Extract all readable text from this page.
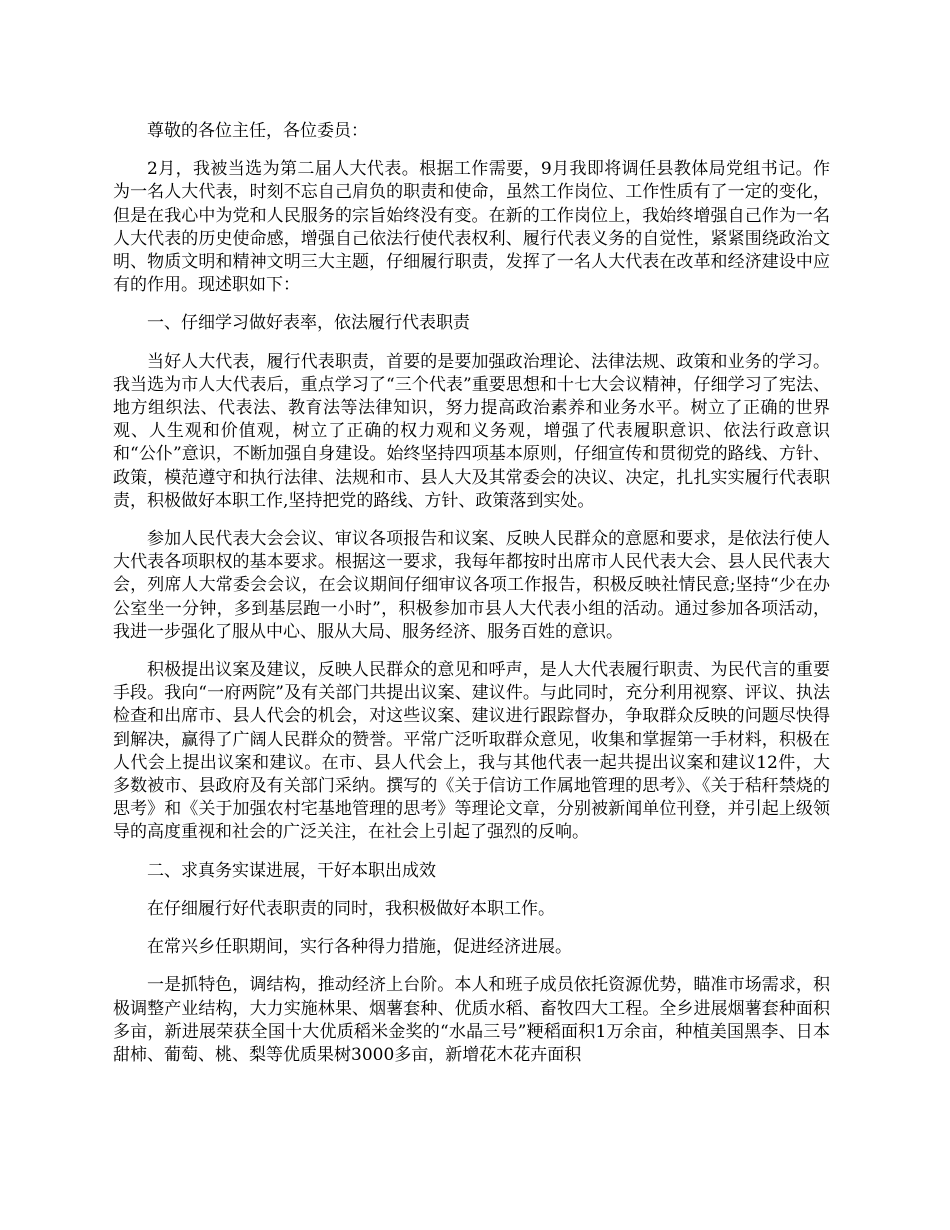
尊敬的各位主任，各位委员：

2月，我被当选为第二届人大代表。根据工作需要，9月我即将调任县教体局党组书记。作为一名人大代表，时刻不忘自己肩负的职责和使命，虽然工作岗位、工作性质有了一定的变化，但是在我心中为党和人民服务的宗旨始终没有变。在新的工作岗位上，我始终增强自己作为一名人大代表的历史使命感，增强自己依法行使代表权利、履行代表义务的自觉性，紧紧围绕政治文明、物质文明和精神文明三大主题，仔细履行职责，发挥了一名人大代表在改革和经济建设中应有的作用。现述职如下：

一、仔细学习做好表率，依法履行代表职责

当好人大代表，履行代表职责，首要的是要加强政治理论、法律法规、政策和业务的学习。我当选为市人大代表后，重点学习了“三个代表”重要思想和十七大会议精神，仔细学习了宪法、地方组织法、代表法、教育法等法律知识，努力提高政治素养和业务水平。树立了正确的世界观、人生观和价值观，树立了正确的权力观和义务观，增强了代表履职意识、依法行政意识和“公仆”意识，不断加强自身建设。始终坚持四项基本原则，仔细宣传和贯彻党的路线、方针、政策，模范遵守和执行法律、法规和市、县人大及其常委会的决议、决定，扎扎实实履行代表职责，积极做好本职工作,坚持把党的路线、方针、政策落到实处。

参加人民代表大会会议、审议各项报告和议案、反映人民群众的意愿和要求，是依法行使人大代表各项职权的基本要求。根据这一要求，我每年都按时出席市人民代表大会、县人民代表大会，列席人大常委会会议，在会议期间仔细审议各项工作报告，积极反映社情民意;坚持“少在办公室坐一分钟，多到基层跑一小时”，积极参加市县人大代表小组的活动。通过参加各项活动，我进一步强化了服从中心、服从大局、服务经济、服务百姓的意识。

积极提出议案及建议，反映人民群众的意见和呼声，是人大代表履行职责、为民代言的重要手段。我向“一府两院”及有关部门共提出议案、建议件。与此同时，充分利用视察、评议、执法检查和出席市、县人代会的机会，对这些议案、建议进行跟踪督办，争取群众反映的问题尽快得到解决，赢得了广阔人民群众的赞誉。平常广泛听取群众意见，收集和掌握第一手材料，积极在人代会上提出议案和建议。在市、县人代会上，我与其他代表一起共提出议案和建议12件，大多数被市、县政府及有关部门采纳。撰写的《关于信访工作属地管理的思考》、《关于秸秆禁烧的思考》和《关于加强农村宅基地管理的思考》等理论文章，分别被新闻单位刊登，并引起上级领导的高度重视和社会的广泛关注，在社会上引起了强烈的反响。

二、求真务实谋进展，干好本职出成效

在仔细履行好代表职责的同时，我积极做好本职工作。

在常兴乡任职期间，实行各种得力措施，促进经济进展。

一是抓特色，调结构，推动经济上台阶。本人和班子成员依托资源优势，瞄准市场需求，积极调整产业结构，大力实施林果、烟薯套种、优质水稻、畜牧四大工程。全乡进展烟薯套种面积多亩，新进展荣获全国十大优质稻米金奖的“水晶三号”粳稻面积1万余亩，种植美国黑李、日本甜柿、葡萄、桃、梨等优质果树3000多亩，新增花木花卉面积
